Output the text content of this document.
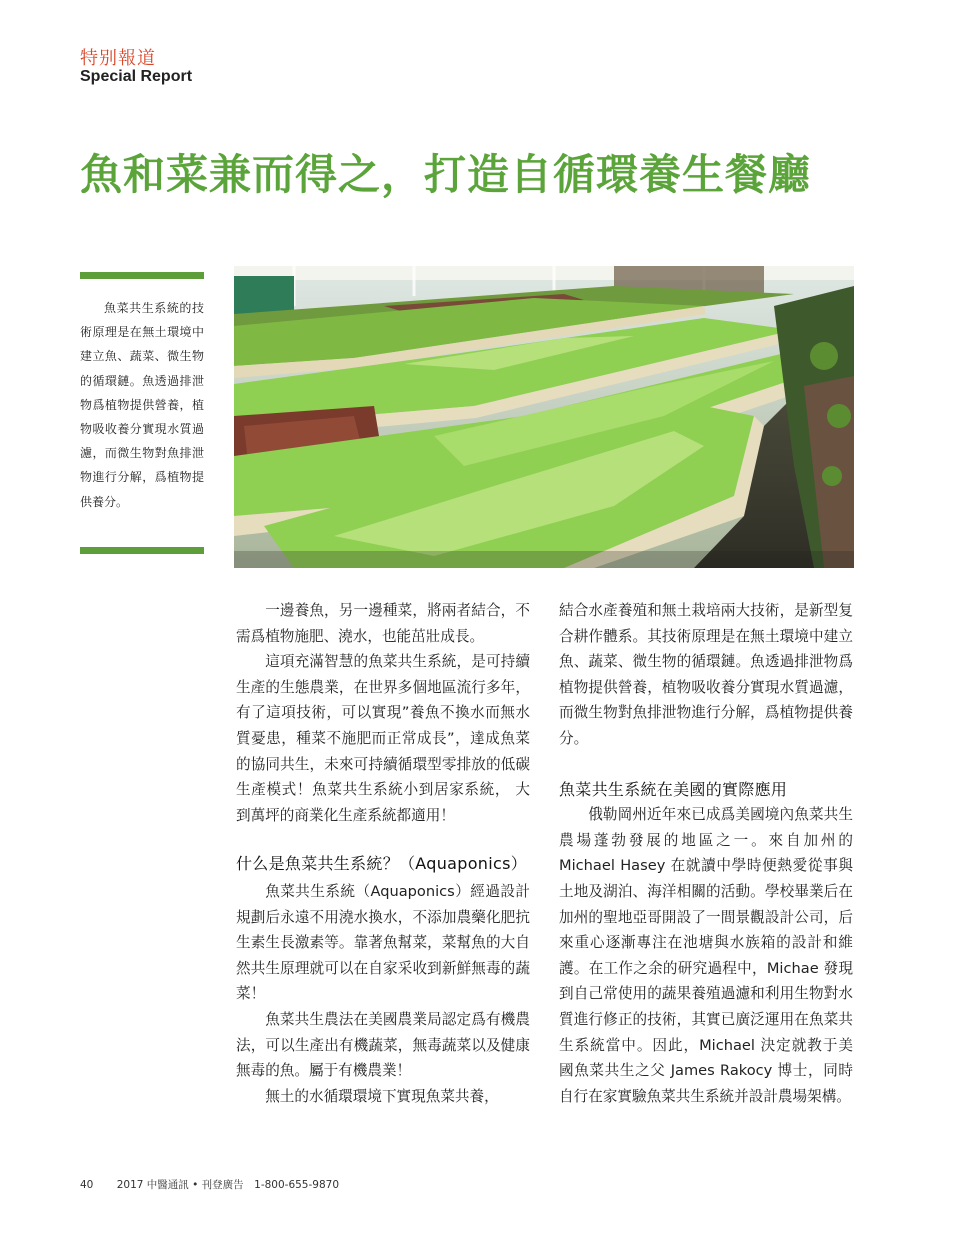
特别報道
Special Report
魚和菜兼而得之，打造自循環養生餐廳
魚菜共生系統的技術原理是在無土環境中建立魚、蔬菜、微生物的循環鏈。魚透過排泄物爲植物提供營養，植物吸收養分實現水質過濾，而微生物對魚排泄物進行分解，爲植物提供養分。

一邊養魚，另一邊種菜，將兩者結合，不需爲植物施肥、澆水，也能茁壯成長。

這項充滿智慧的魚菜共生系統，是可持續生產的生態農業，在世界多個地區流行多年，有了這項技術，可以實現”養魚不換水而無水質憂患，種菜不施肥而正常成長”，達成魚菜的協同共生，未來可持續循環型零排放的低碳生產模式！魚菜共生系統小到居家系統， 大到萬坪的商業化生產系統都適用！

什么是魚菜共生系統？（Aquaponics）

魚菜共生系統（Aquaponics）經過設計規劃后永遠不用澆水換水，不添加農藥化肥抗生素生長激素等。靠著魚幫菜，菜幫魚的大自然共生原理就可以在自家采收到新鮮無毒的蔬菜！

魚菜共生農法在美國農業局認定爲有機農法，可以生產出有機蔬菜，無毒蔬菜以及健康無毒的魚。屬于有機農業！

無土的水循環環境下實現魚菜共養，

結合水產養殖和無土栽培兩大技術，是新型复合耕作體系。其技術原理是在無土環境中建立魚、蔬菜、微生物的循環鏈。魚透過排泄物爲植物提供營養，植物吸收養分實現水質過濾，而微生物對魚排泄物進行分解，爲植物提供養分。

魚菜共生系統在美國的實際應用

俄勒岡州近年來已成爲美國境內魚菜共生農場蓬勃發展的地區之一。來自加州的 Michael Hasey 在就讀中學時便熱愛從事與土地及湖泊、海洋相關的活動。學校畢業后在加州的聖地亞哥開設了一間景觀設計公司，后來重心逐漸專注在池塘與水族箱的設計和維護。在工作之余的研究過程中，Michae 發現到自己常使用的蔬果養殖過濾和利用生物對水質進行修正的技術，其實已廣泛運用在魚菜共生系統當中。因此，Michael 決定就教于美國魚菜共生之父 James Rakocy 博士，同時自行在家實驗魚菜共生系統并設計農場架構。

40 2017 中醫通訊 • 刊登廣告　1-800-655-9870
